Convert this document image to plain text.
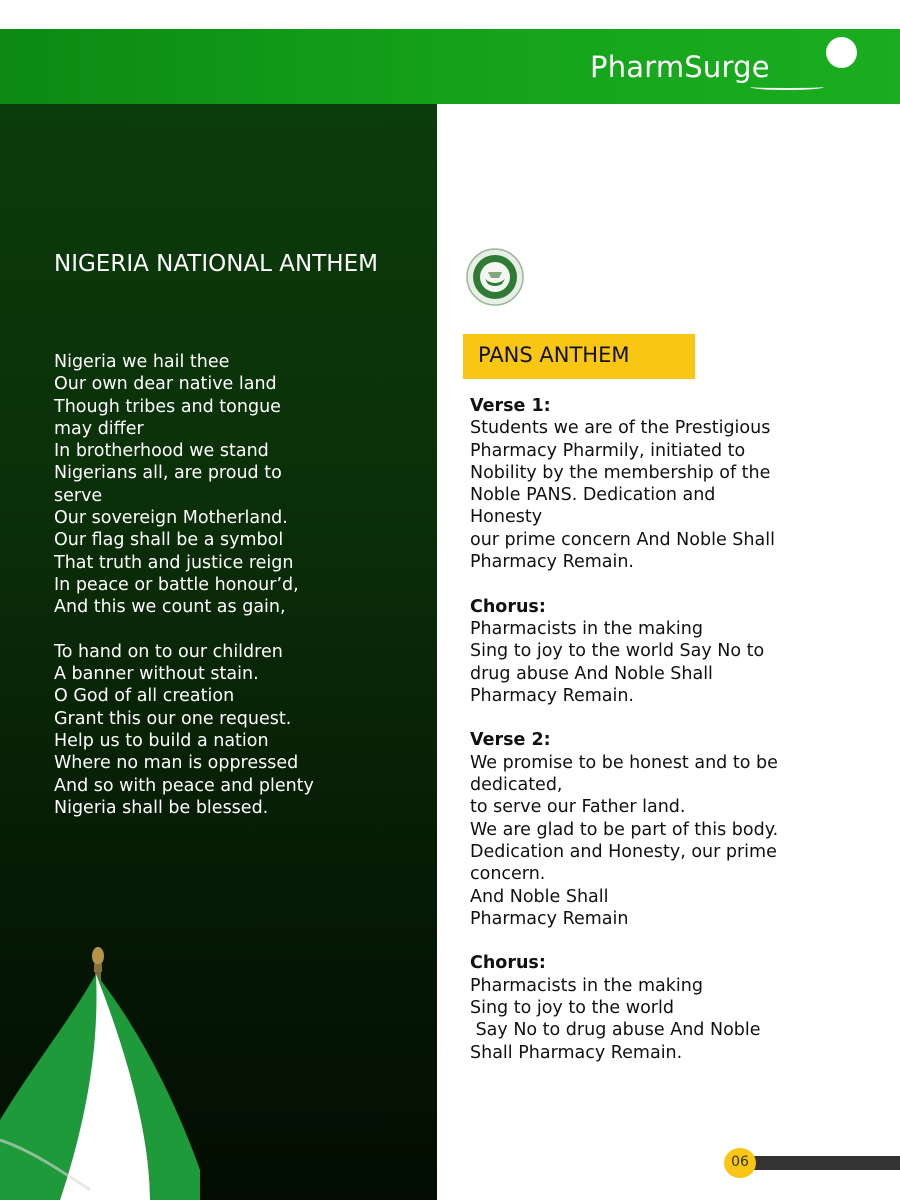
PharmSurge
NIGERIA NATIONAL ANTHEM
Nigeria we hail thee
Our own dear native land
Though tribes and tongue
may differ
In brotherhood we stand
Nigerians all, are proud to
serve
Our sovereign Motherland.
Our flag shall be a symbol
That truth and justice reign
In peace or battle honour’d,
And this we count as gain,
To hand on to our children
A banner without stain.
O God of all creation
Grant this our one request.
Help us to build a nation
Where no man is oppressed
And so with peace and plenty
Nigeria shall be blessed.
PANS ANTHEM
Verse 1:
Students we are of the Prestigious
Pharmacy Pharmily, initiated to
Nobility by the membership of the
Noble PANS. Dedication and
Honesty
our prime concern And Noble Shall
Pharmacy Remain.
Chorus:
Pharmacists in the making
Sing to joy to the world Say No to
drug abuse And Noble Shall
Pharmacy Remain.
Verse 2:
We promise to be honest and to be
dedicated,
to serve our Father land.
We are glad to be part of this body.
Dedication and Honesty, our prime
concern.
And Noble Shall
Pharmacy Remain
Chorus:
Pharmacists in the making
Sing to joy to the world
Say No to drug abuse And Noble
Shall Pharmacy Remain.
06
